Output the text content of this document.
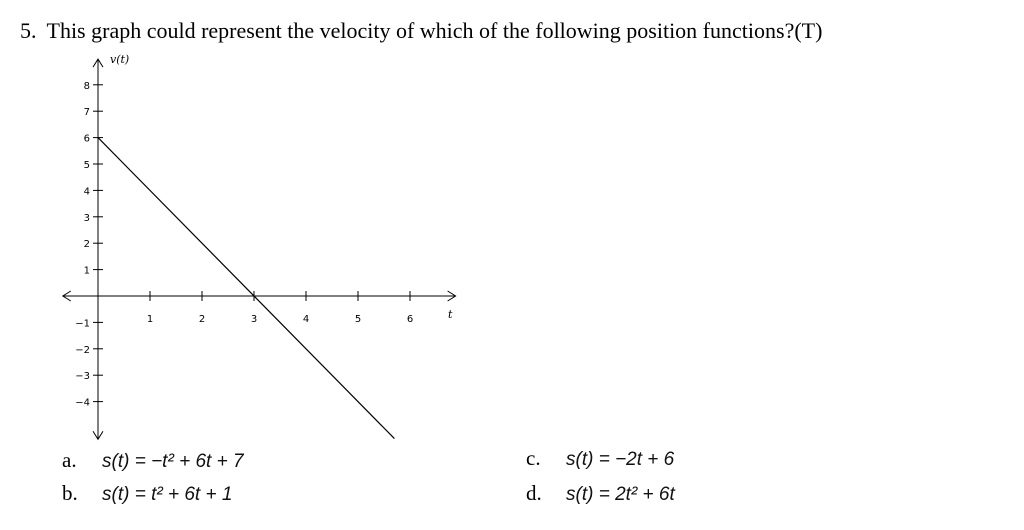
5. This graph could represent the velocity of which of the following position functions?(T)
1	2	3	4	5	6
8
7
6
5
4
3
2
1
−1
−2
−3
−4
v(t)
t
a. s(t) = −t² + 6t + 7
b. s(t) = t² + 6t + 1
c. s(t) = −2t + 6
d. s(t) = 2t² + 6t
